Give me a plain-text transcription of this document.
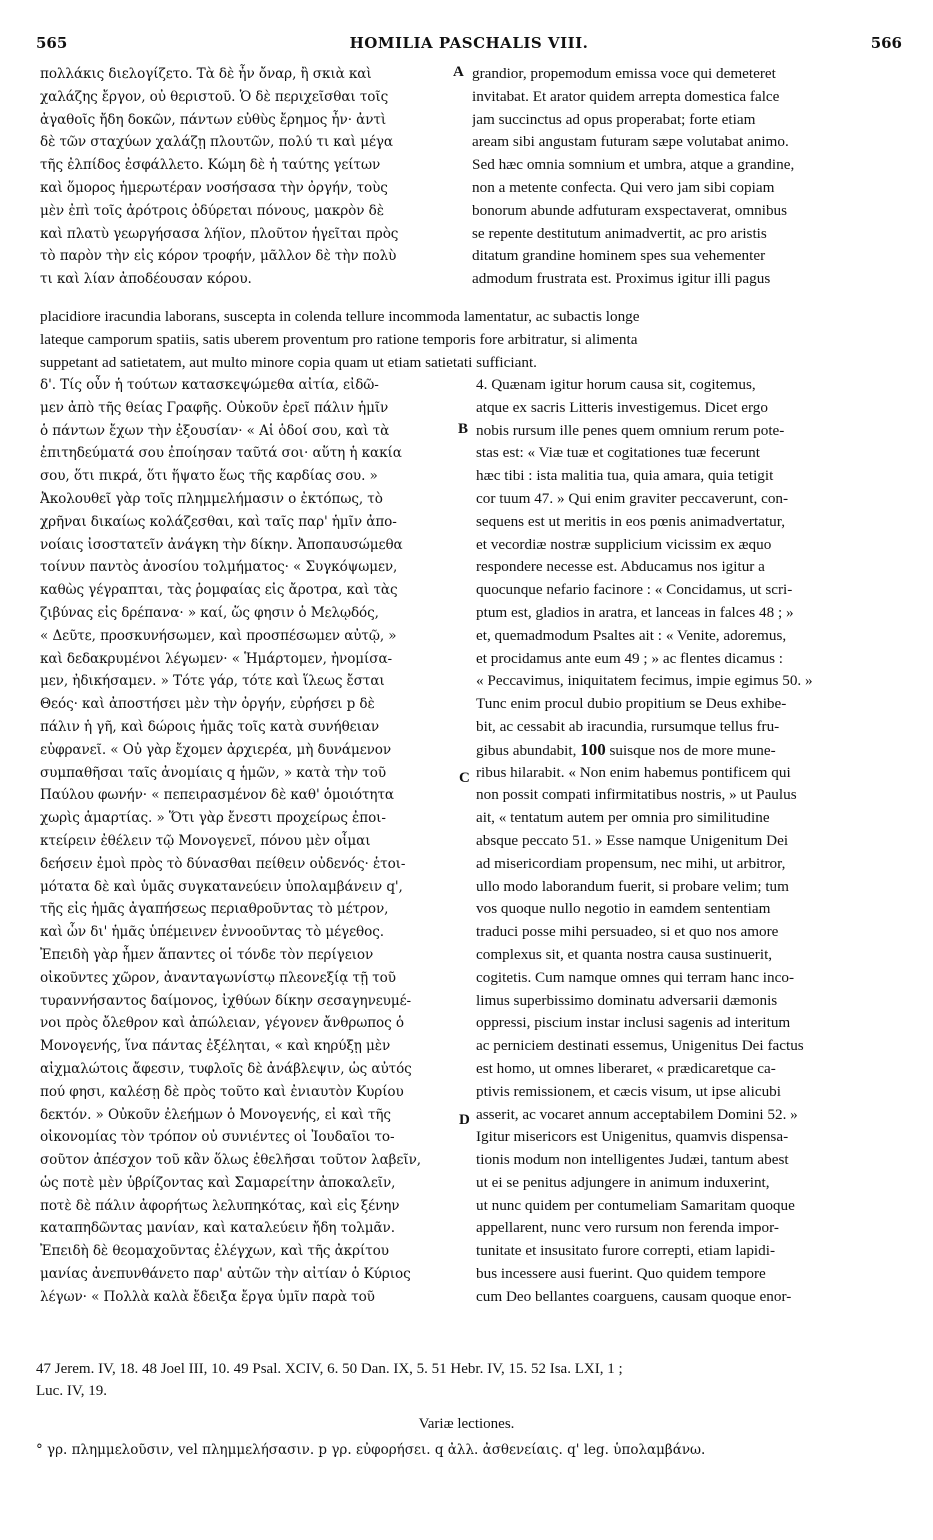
565	HOMILIA PASCHALIS VIII.	566
A
B
C
D
πολλάκις διελογίζετο. Τὰ δὲ ἦν ὄναρ, ἢ σκιὰ καὶ
χαλάζης ἔργον, οὐ θεριστοῦ. Ὁ δὲ περιχεῖσθαι τοῖς
ἀγαθοῖς ἤδη δοκῶν, πάντων εὐθὺς ἔρημος ἦν· ἀντὶ
δὲ τῶν σταχύων χαλάζῃ πλουτῶν, πολύ τι καὶ μέγα
τῆς ἐλπίδος ἐσφάλλετο. Κώμη δὲ ἡ ταύτης γείτων
καὶ ὅμορος ἡμερωτέραν νοσήσασα τὴν ὀργήν, τοὺς
μὲν ἐπὶ τοῖς ἀρότροις ὀδύρεται πόνους, μακρὸν δὲ
καὶ πλατὺ γεωργήσασα λήϊον, πλοῦτον ἡγεῖται πρὸς
τὸ παρὸν τὴν εἰς κόρον τροφήν, μᾶλλον δὲ τὴν πολὺ
τι καὶ λίαν ἀποδέουσαν κόρου.
grandior, propemodum emissa voce qui demeteret
invitabat. Et arator quidem arrepta domestica falce
jam succinctus ad opus properabat; forte etiam
aream sibi angustam futuram sæpe volutabat animo.
Sed hæc omnia somnium et umbra, atque a grandine,
non a metente confecta. Qui vero jam sibi copiam
bonorum abunde adfuturam exspectaverat, omnibus
se repente destitutum animadvertit, ac pro aristis
ditatum grandine hominem spes sua vehementer
admodum frustrata est. Proximus igitur illi pagus
placidiore iracundia laborans, suscepta in colenda tellure incommoda lamentatur, ac subactis longe
lateque camporum spatiis, satis uberem proventum pro ratione temporis fore arbitratur, si alimenta
suppetant ad satietatem, aut multo minore copia quam ut etiam satietati sufficiant.
δ'. Τίς οὖν ἡ τούτων κατασκεψώμεθα αἰτία, εἰδῶ-
μεν ἀπὸ τῆς θείας Γραφῆς. Οὐκοῦν ἐρεῖ πάλιν ἡμῖν
ὁ πάντων ἔχων τὴν ἐξουσίαν· « Αἱ ὁδοί σου, καὶ τὰ
ἐπιτηδεύματά σου ἐποίησαν ταῦτά σοι· αὕτη ἡ κακία
σου, ὅτι πικρά, ὅτι ἥψατο ἕως τῆς καρδίας σου. »
Ἀκολουθεῖ γὰρ τοῖς πλημμελήμασιν ο ἐκτόπως, τὸ
χρῆναι δικαίως κολάζεσθαι, καὶ ταῖς παρ' ἡμῖν ἀπο-
νοίαις ἰσοστατεῖν ἀνάγκη τὴν δίκην. Ἀποπαυσώμεθα
τοίνυν παντὸς ἀνοσίου τολμήματος· « Συγκόψωμεν,
καθὼς γέγραπται, τὰς ῥομφαίας εἰς ἄροτρα, καὶ τὰς
ζιβύνας εἰς δρέπανα· » καί, ὥς φησιν ὁ Μελῳδός,
« Δεῦτε, προσκυνήσωμεν, καὶ προσπέσωμεν αὐτῷ, »
καὶ δεδακρυμένοι λέγωμεν· « Ἡμάρτομεν, ἠνομίσα-
μεν, ἠδικήσαμεν. » Τότε γάρ, τότε καὶ ἵλεως ἔσται
Θεός· καὶ ἀποστήσει μὲν τὴν ὀργήν, εὐρήσει p δὲ
πάλιν ἡ γῆ, καὶ δώροις ἡμᾶς τοῖς κατὰ συνήθειαν
εὐφρανεῖ. « Οὐ γὰρ ἔχομεν ἀρχιερέα, μὴ δυνάμενον
συμπαθῆσαι ταῖς ἀνομίαις q ἡμῶν, » κατὰ τὴν τοῦ
Παύλου φωνήν· « πεπειρασμένον δὲ καθ' ὁμοιότητα
χωρὶς ἁμαρτίας. » Ὅτι γὰρ ἔνεστι προχείρως ἐποι-
κτείρειν ἐθέλειν τῷ Μονογενεῖ, πόνου μὲν οἶμαι
δεήσειν ἐμοὶ πρὸς τὸ δύνασθαι πείθειν οὐδενός· ἑτοι-
μότατα δὲ καὶ ὑμᾶς συγκατανεύειν ὑπολαμβάνειν q',
τῆς εἰς ἡμᾶς ἀγαπήσεως περιαθροῦντας τὸ μέτρον,
καὶ ὧν δι' ἡμᾶς ὑπέμεινεν ἐννοοῦντας τὸ μέγεθος.
Ἐπειδὴ γὰρ ἦμεν ἅπαντες οἱ τόνδε τὸν περίγειον
οἰκοῦντες χῶρον, ἀνανταγωνίστῳ πλεονεξίᾳ τῇ τοῦ
τυραννήσαντος δαίμονος, ἰχθύων δίκην σεσαγηνευμέ-
νοι πρὸς ὄλεθρον καὶ ἀπώλειαν, γέγονεν ἄνθρωπος ὁ
Μονογενής, ἵνα πάντας ἐξέληται, « καὶ κηρύξῃ μὲν
αἰχμαλώτοις ἄφεσιν, τυφλοῖς δὲ ἀνάβλεψιν, ὡς αὐτός
πού φησι, καλέσῃ δὲ πρὸς τοῦτο καὶ ἐνιαυτὸν Κυρίου
δεκτόν. » Οὐκοῦν ἐλεήμων ὁ Μονογενής, εἰ καὶ τῆς
οἰκονομίας τὸν τρόπον οὐ συνιέντες οἱ Ἰουδαῖοι το-
σοῦτον ἀπέσχον τοῦ κἂν ὅλως ἐθελῆσαι τοῦτον λαβεῖν,
ὡς ποτὲ μὲν ὑβρίζοντας καὶ Σαμαρείτην ἀποκαλεῖν,
ποτὲ δὲ πάλιν ἀφορήτως λελυπηκότας, καὶ εἰς ξένην
καταπηδῶντας μανίαν, καὶ καταλεύειν ἤδη τολμᾶν.
Ἐπειδὴ δὲ θεομαχοῦντας ἐλέγχων, καὶ τῆς ἀκρίτου
μανίας ἀνεπυνθάνετο παρ' αὐτῶν τὴν αἰτίαν ὁ Κύριος
λέγων· « Πολλὰ καλὰ ἔδειξα ἔργα ὑμῖν παρὰ τοῦ
4. Quænam igitur horum causa sit, cogitemus,
atque ex sacris Litteris investigemus. Dicet ergo
nobis rursum ille penes quem omnium rerum pote-
stas est: « Viæ tuæ et cogitationes tuæ fecerunt
hæc tibi : ista malitia tua, quia amara, quia tetigit
cor tuum 47. » Qui enim graviter peccaverunt, con-
sequens est ut meritis in eos pœnis animadvertatur,
et vecordiæ nostræ supplicium vicissim ex æquo
respondere necesse est. Abducamus nos igitur a
quocunque nefario facinore : « Concidamus, ut scri-
ptum est, gladios in aratra, et lanceas in falces 48 ; »
et, quemadmodum Psaltes ait : « Venite, adoremus,
et procidamus ante eum 49 ; » ac flentes dicamus :
« Peccavimus, iniquitatem fecimus, impie egimus 50. »
Tunc enim procul dubio propitium se Deus exhibe-
bit, ac cessabit ab iracundia, rursumque tellus fru-
gibus abundabit, 100 suisque nos de more mune-
ribus hilarabit. « Non enim habemus pontificem qui
non possit compati infirmitatibus nostris, » ut Paulus
ait, « tentatum autem per omnia pro similitudine
absque peccato 51. » Esse namque Unigenitum Dei
ad misericordiam propensum, nec mihi, ut arbitror,
ullo modo laborandum fuerit, si probare velim; tum
vos quoque nullo negotio in eamdem sententiam
traduci posse mihi persuadeo, si et quo nos amore
complexus sit, et quanta nostra causa sustinuerit,
cogitetis. Cum namque omnes qui terram hanc inco-
limus superbissimo dominatu adversarii dæmonis
oppressi, piscium instar inclusi sagenis ad interitum
ac perniciem destinati essemus, Unigenitus Dei factus
est homo, ut omnes liberaret, « prædicaretque ca-
ptivis remissionem, et cæcis visum, ut ipse alicubi
asserit, ac vocaret annum acceptabilem Domini 52. »
Igitur misericors est Unigenitus, quamvis dispensa-
tionis modum non intelligentes Judæi, tantum abest
ut ei se penitus adjungere in animum induxerint,
ut nunc quidem per contumeliam Samaritam quoque
appellarent, nunc vero rursum non ferenda impor-
tunitate et insusitato furore correpti, etiam lapidi-
bus incessere ausi fuerint. Quo quidem tempore
cum Deo bellantes coarguens, causam quoque enor-
47 Jerem. IV, 18. 48 Joel III, 10. 49 Psal. XCIV, 6. 50 Dan. IX, 5. 51 Hebr. IV, 15. 52 Isa. LXI, 1 ;
Luc. IV, 19.
Variæ lectiones.
° γρ. πλημμελοῦσιν, vel πλημμελήσασιν. p γρ. εὐφορήσει. q ἀλλ. ἀσθενείαις. q' leg. ὑπολαμβάνω.
